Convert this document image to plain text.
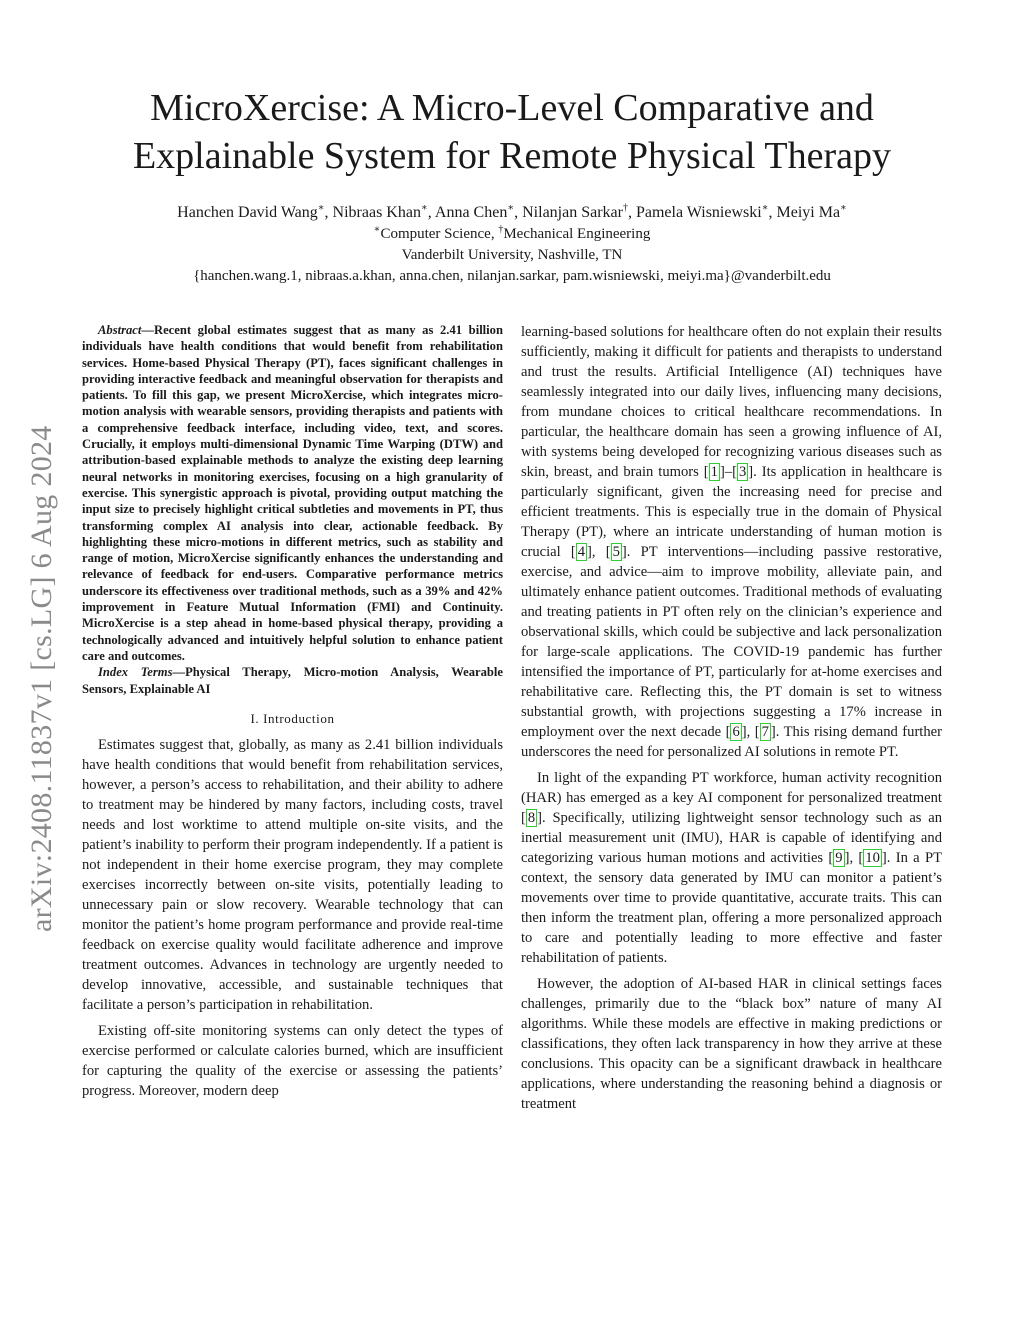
arXiv:2408.11837v1 [cs.LG] 6 Aug 2024
MicroXercise: A Micro-Level Comparative and
Explainable System for Remote Physical Therapy
Hanchen David Wang∗, Nibraas Khan∗, Anna Chen∗, Nilanjan Sarkar†, Pamela Wisniewski∗, Meiyi Ma∗
∗Computer Science, †Mechanical Engineering
Vanderbilt University, Nashville, TN
{hanchen.wang.1, nibraas.a.khan, anna.chen, nilanjan.sarkar, pam.wisniewski, meiyi.ma}@vanderbilt.edu

Abstract—Recent global estimates suggest that as many as 2.41 billion individuals have health conditions that would benefit from rehabilitation services. Home-based Physical Therapy (PT), faces significant challenges in providing interactive feedback and meaningful observation for therapists and patients. To fill this gap, we present MicroXercise, which integrates micro-motion analysis with wearable sensors, providing therapists and patients with a comprehensive feedback interface, including video, text, and scores. Crucially, it employs multi-dimensional Dynamic Time Warping (DTW) and attribution-based explainable methods to analyze the existing deep learning neural networks in monitoring exercises, focusing on a high granularity of exercise. This synergistic approach is pivotal, providing output matching the input size to precisely highlight critical subtleties and movements in PT, thus transforming complex AI analysis into clear, actionable feedback. By highlighting these micro-motions in different metrics, such as stability and range of motion, MicroXercise significantly enhances the understanding and relevance of feedback for end-users. Comparative performance metrics underscore its effectiveness over traditional methods, such as a 39% and 42% improvement in Feature Mutual Information (FMI) and Continuity. MicroXercise is a step ahead in home-based physical therapy, providing a technologically advanced and intuitively helpful solution to enhance patient care and outcomes.

Index Terms—Physical Therapy, Micro-motion Analysis, Wearable Sensors, Explainable AI

I. Introduction

Estimates suggest that, globally, as many as 2.41 billion individuals have health conditions that would benefit from rehabilitation services, however, a person’s access to rehabilitation, and their ability to adhere to treatment may be hindered by many factors, including costs, travel needs and lost worktime to attend multiple on-site visits, and the patient’s inability to perform their program independently. If a patient is not independent in their home exercise program, they may complete exercises incorrectly between on-site visits, potentially leading to unnecessary pain or slow recovery. Wearable technology that can monitor the patient’s home program performance and provide real-time feedback on exercise quality would facilitate adherence and improve treatment outcomes. Advances in technology are urgently needed to develop innovative, accessible, and sustainable techniques that facilitate a person’s participation in rehabilitation.

Existing off-site monitoring systems can only detect the types of exercise performed or calculate calories burned, which are insufficient for capturing the quality of the exercise or assessing the patients’ progress. Moreover, modern deep

learning-based solutions for healthcare often do not explain their results sufficiently, making it difficult for patients and therapists to understand and trust the results. Artificial Intelligence (AI) techniques have seamlessly integrated into our daily lives, influencing many decisions, from mundane choices to critical healthcare recommendations. In particular, the healthcare domain has seen a growing influence of AI, with systems being developed for recognizing various diseases such as skin, breast, and brain tumors [ 1 ]–[ 3 ]. Its application in healthcare is particularly significant, given the increasing need for precise and efficient treatments. This is especially true in the domain of Physical Therapy (PT), where an intricate understanding of human motion is crucial [ 4 ], [ 5 ]. PT interventions—including passive restorative, exercise, and advice—aim to improve mobility, alleviate pain, and ultimately enhance patient outcomes. Traditional methods of evaluating and treating patients in PT often rely on the clinician’s experience and observational skills, which could be subjective and lack personalization for large-scale applications. The COVID-19 pandemic has further intensified the importance of PT, particularly for at-home exercises and rehabilitative care. Reflecting this, the PT domain is set to witness substantial growth, with projections suggesting a 17% increase in employment over the next decade [ 6 ], [ 7 ]. This rising demand further underscores the need for personalized AI solutions in remote PT.

In light of the expanding PT workforce, human activity recognition (HAR) has emerged as a key AI component for personalized treatment [ 8 ]. Specifically, utilizing lightweight sensor technology such as an inertial measurement unit (IMU), HAR is capable of identifying and categorizing various human motions and activities [ 9 ], [ 10 ]. In a PT context, the sensory data generated by IMU can monitor a patient’s movements over time to provide quantitative, accurate traits. This can then inform the treatment plan, offering a more personalized approach to care and potentially leading to more effective and faster rehabilitation of patients.

However, the adoption of AI-based HAR in clinical settings faces challenges, primarily due to the “black box” nature of many AI algorithms. While these models are effective in making predictions or classifications, they often lack transparency in how they arrive at these conclusions. This opacity can be a significant drawback in healthcare applications, where understanding the reasoning behind a diagnosis or treatment
